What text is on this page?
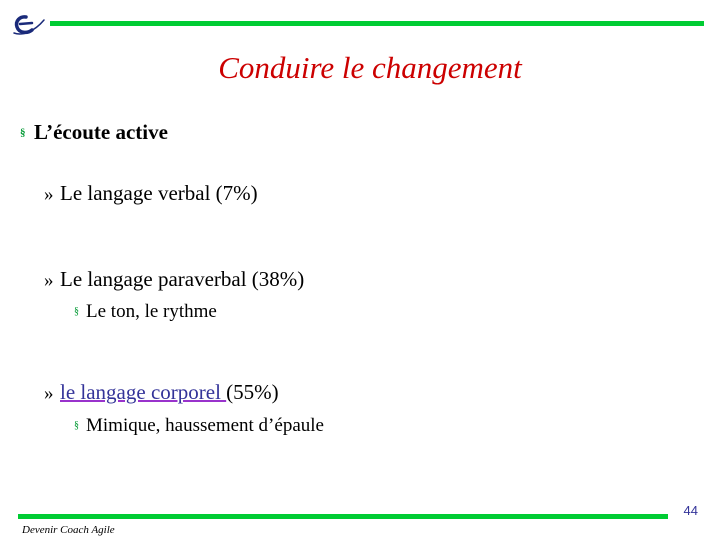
Conduire le changement
§ L’écoute active
» Le langage verbal (7%)
» Le langage paraverbal (38%)
§ Le ton, le rythme
» le langage corporel (55%)
§ Mimique, haussement d’épaule
44
Devenir Coach Agile
